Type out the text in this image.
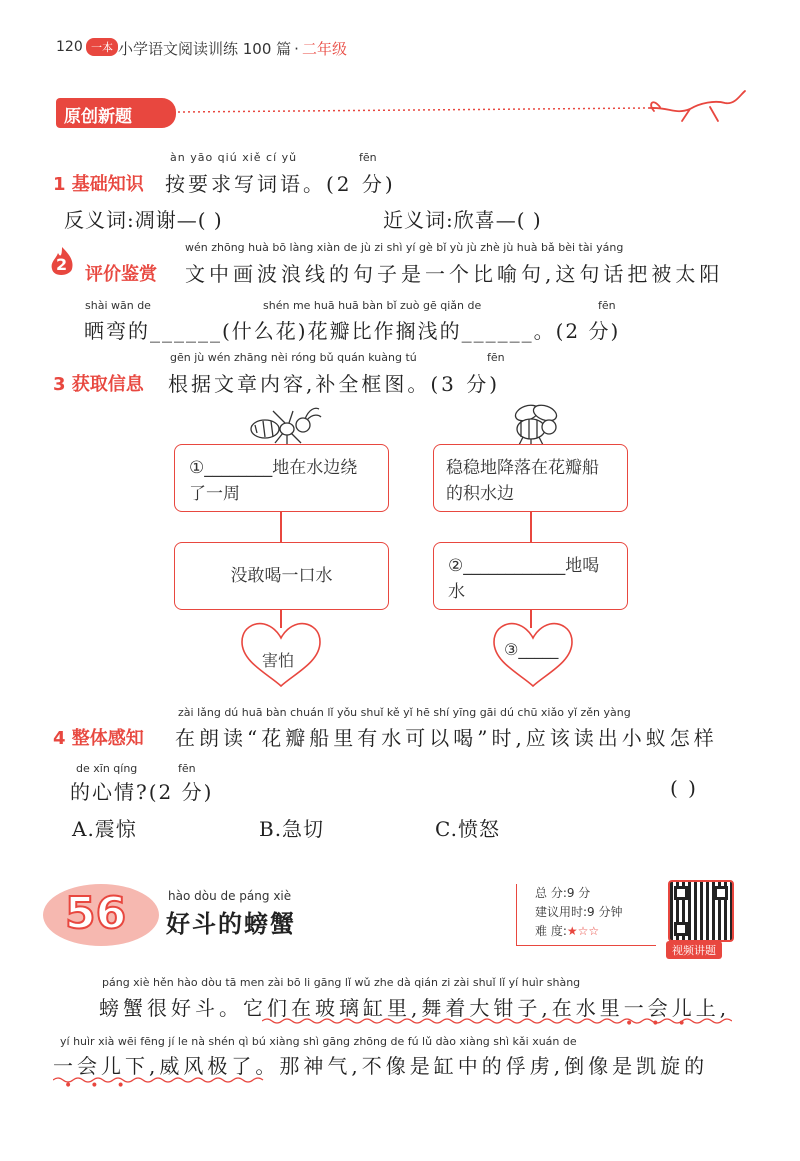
120 一本 小学语文阅读训练 100 篇 · 二年级
原创新题
àn yāo qiú xiě cí yǔ	fēn
1 基础知识 按要求写词语。(2 分)
反义词:凋谢—( )	近义词:欣喜—( )
wén zhōng huà bō làng xiàn de jù zi shì yí gè bǐ yù jù zhè jù huà bǎ bèi tài yáng
2 评价鉴赏 文中画波浪线的句子是一个比喻句,这句话把被太阳
shài wān de	shén me huā huā bàn bǐ zuò gē qiǎn de	fēn
晒弯的______(什么花)花瓣比作搁浅的______。(2 分)
gēn jù wén zhāng nèi róng bǔ quán kuàng tú	fēn
3 获取信息 根据文章内容,补全框图。(3 分)
①________地在水边绕了一周
没敢喝一口水
害怕
稳稳地降落在花瓣船的积水边
②____________地喝水
③_____
zài lǎng dú huā bàn chuán lǐ yǒu shuǐ kě yǐ hē shí yīng gāi dú chū xiǎo yǐ zěn yàng
4 整体感知 在朗读“花瓣船里有水可以喝”时,应该读出小蚁怎样
de xīn qíng	fēn
的心情?(2 分)	( )
A.震惊	B.急切	C.愤怒
56	hào dòu de páng xiè
好斗的螃蟹
总 分:9 分
建议用时:9 分钟
难 度:★☆☆
视频讲题
páng xiè hěn hào dòu tā men zài bō li gāng lǐ wǔ zhe dà qián zi zài shuǐ lǐ yí huìr shàng
螃蟹很好斗。它们在玻璃缸里,舞着大钳子,在水里一会儿上,
•••
yí huìr xià wēi fēng jí le nà shén qì bú xiàng shì gāng zhōng de fú lǔ dào xiàng shì kǎi xuán de
一会儿下,威风极了。那神气,不像是缸中的俘虏,倒像是凯旋的
•••
